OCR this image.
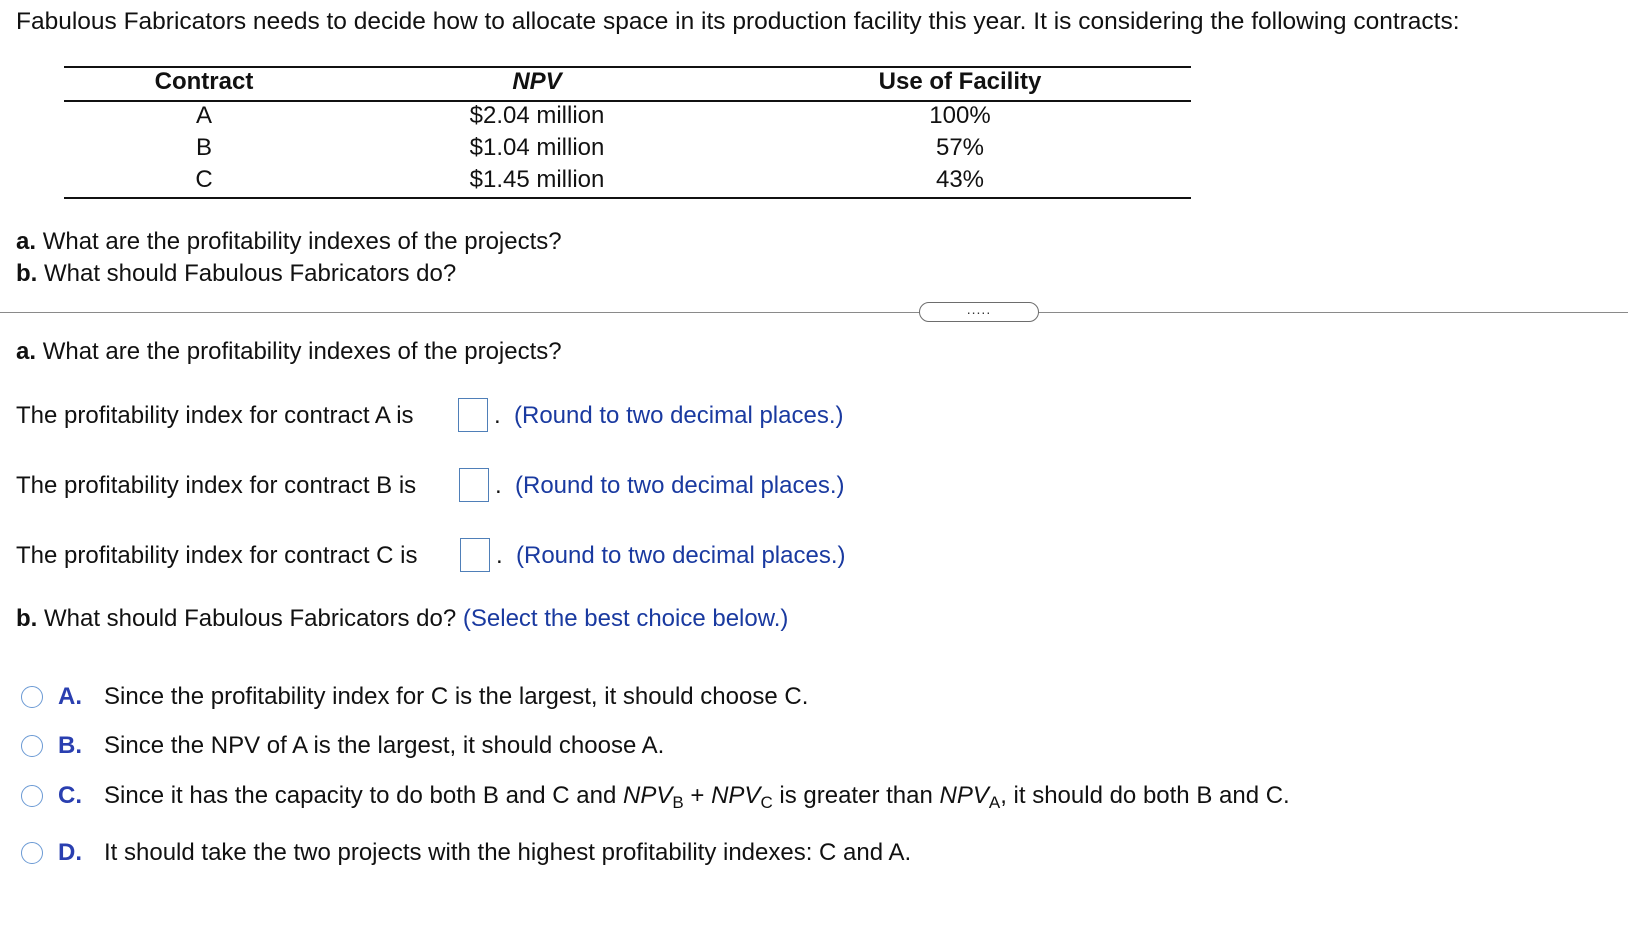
Fabulous Fabricators needs to decide how to allocate space in its production facility this year. It is considering the following contracts:
Contract	NPV	Use of Facility
A	$2.04 million	100%
B	$1.04 million	57%
C	$1.45 million	43%
a. What are the profitability indexes of the projects?
b. What should Fabulous Fabricators do?
.....
a. What are the profitability indexes of the projects?
The profitability index for contract A is	. (Round to two decimal places.)
The profitability index for contract B is	. (Round to two decimal places.)
The profitability index for contract C is	. (Round to two decimal places.)
b. What should Fabulous Fabricators do? (Select the best choice below.)
A. Since the profitability index for C is the largest, it should choose C.
B. Since the NPV of A is the largest, it should choose A.
C. Since it has the capacity to do both B and C and $NPV_B + NPV_C$ is greater than $NPV_A$, it should do both B and C.
D. It should take the two projects with the highest profitability indexes: C and A.
